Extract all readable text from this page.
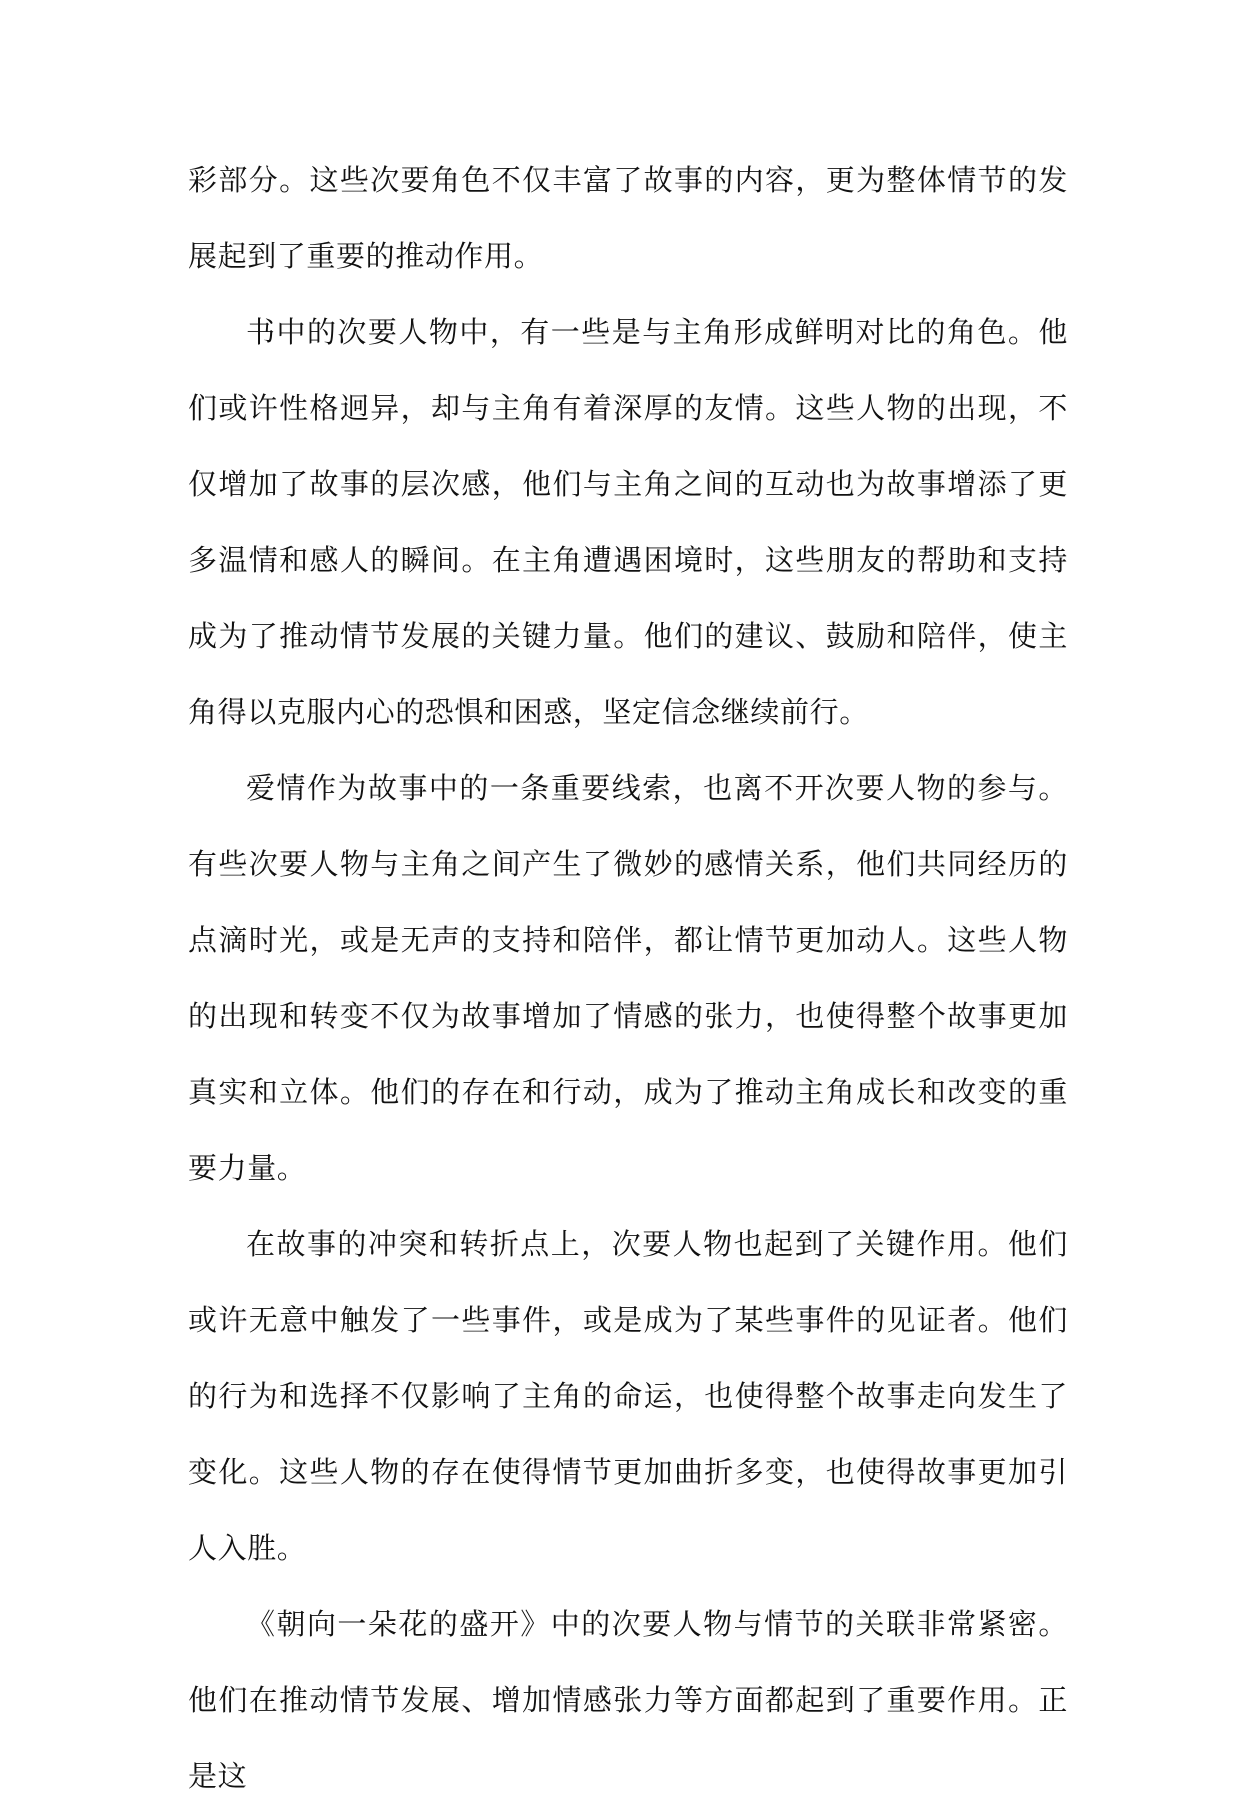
彩部分。这些次要角色不仅丰富了故事的内容，更为整体情节的发展起到了重要的推动作用。

书中的次要人物中，有一些是与主角形成鲜明对比的角色。他们或许性格迥异，却与主角有着深厚的友情。这些人物的出现，不仅增加了故事的层次感，他们与主角之间的互动也为故事增添了更多温情和感人的瞬间。在主角遭遇困境时，这些朋友的帮助和支持成为了推动情节发展的关键力量。他们的建议、鼓励和陪伴，使主角得以克服内心的恐惧和困惑，坚定信念继续前行。

爱情作为故事中的一条重要线索，也离不开次要人物的参与。有些次要人物与主角之间产生了微妙的感情关系，他们共同经历的点滴时光，或是无声的支持和陪伴，都让情节更加动人。这些人物的出现和转变不仅为故事增加了情感的张力，也使得整个故事更加真实和立体。他们的存在和行动，成为了推动主角成长和改变的重要力量。

在故事的冲突和转折点上，次要人物也起到了关键作用。他们或许无意中触发了一些事件，或是成为了某些事件的见证者。他们的行为和选择不仅影响了主角的命运，也使得整个故事走向发生了变化。这些人物的存在使得情节更加曲折多变，也使得故事更加引人入胜。

《朝向一朵花的盛开》中的次要人物与情节的关联非常紧密。他们在推动情节发展、增加情感张力等方面都起到了重要作用。正是这
